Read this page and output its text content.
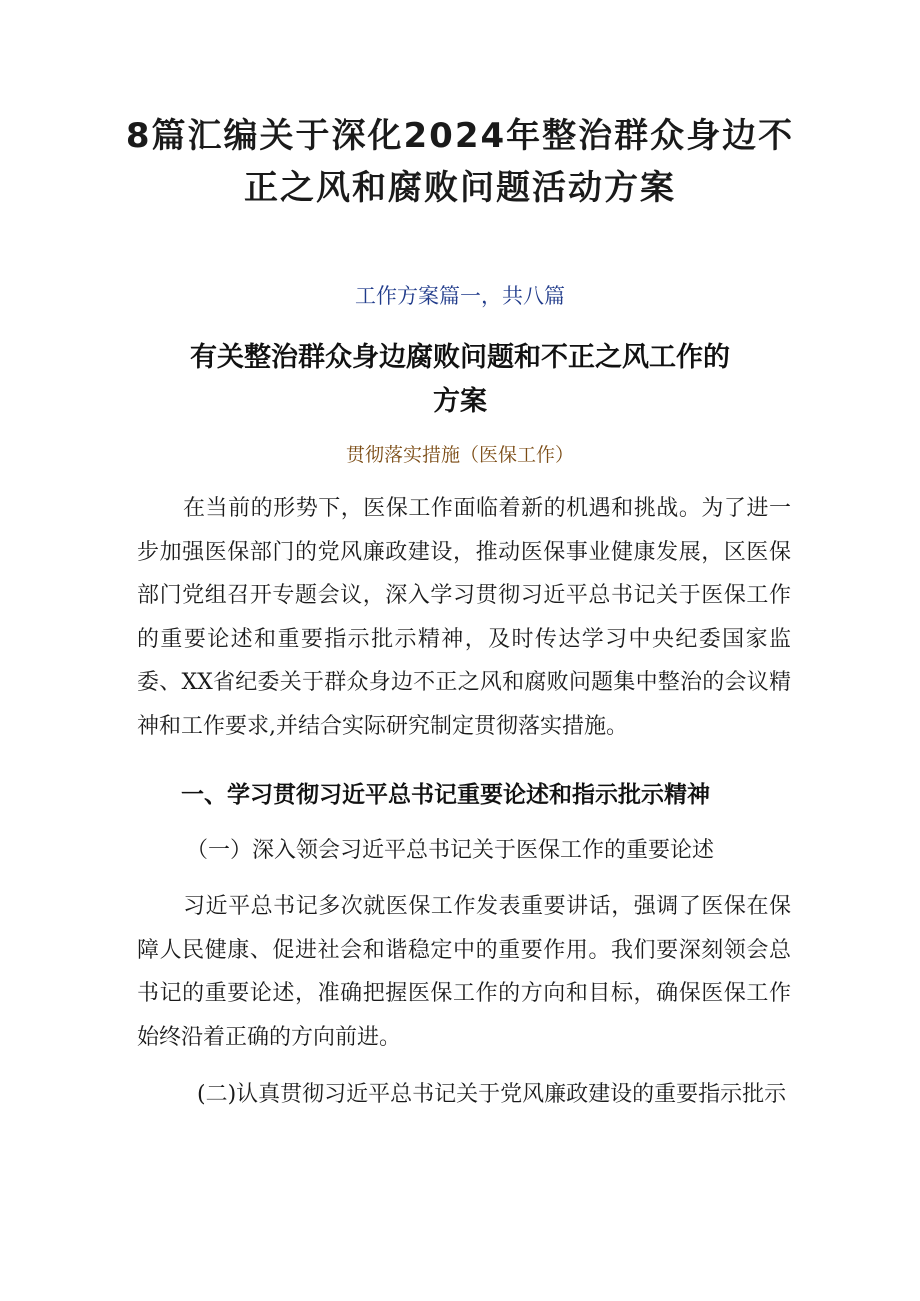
8篇汇编关于深化2024年整治群众身边不
正之风和腐败问题活动方案

工作方案篇一，共八篇

有关整治群众身边腐败问题和不正之风工作的
方案

贯彻落实措施（医保工作）

在当前的形势下，医保工作面临着新的机遇和挑战。为了进一步加强医保部门的党风廉政建设，推动医保事业健康发展，区医保部门党组召开专题会议，深入学习贯彻习近平总书记关于医保工作的重要论述和重要指示批示精神，及时传达学习中央纪委国家监委、XX省纪委关于群众身边不正之风和腐败问题集中整治的会议精神和工作要求,并结合实际研究制定贯彻落实措施。

一、学习贯彻习近平总书记重要论述和指示批示精神

（一）深入领会习近平总书记关于医保工作的重要论述

习近平总书记多次就医保工作发表重要讲话，强调了医保在保障人民健康、促进社会和谐稳定中的重要作用。我们要深刻领会总书记的重要论述，准确把握医保工作的方向和目标，确保医保工作始终沿着正确的方向前进。

(二)认真贯彻习近平总书记关于党风廉政建设的重要指示批示
